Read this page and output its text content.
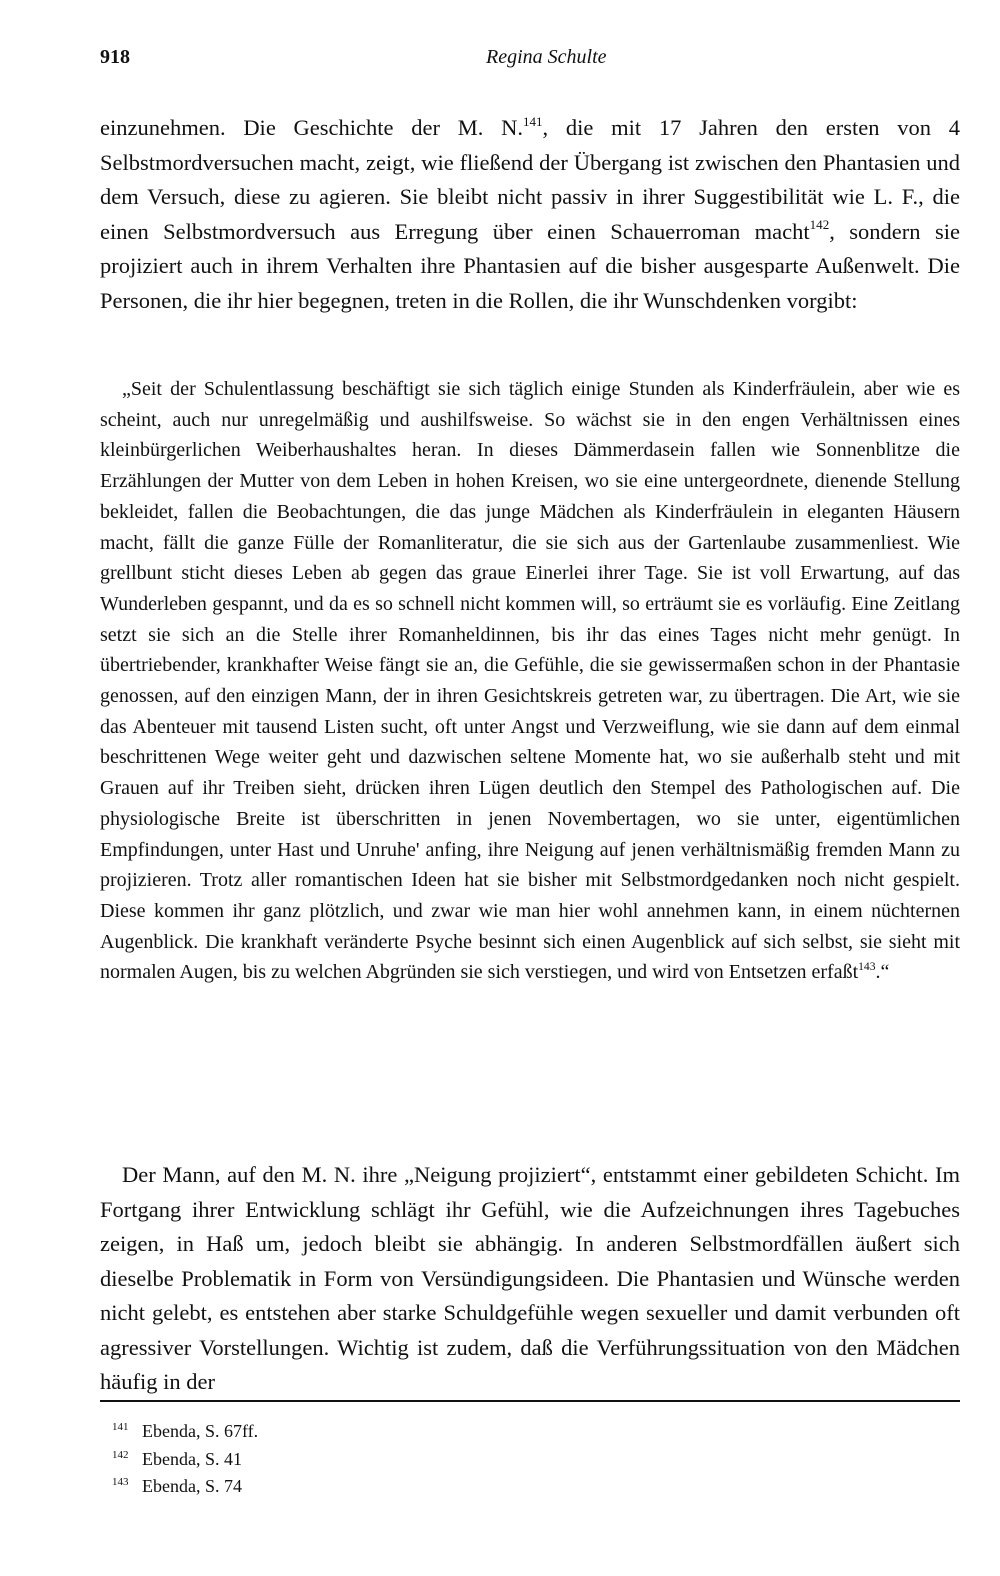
918	Regina Schulte

einzunehmen. Die Geschichte der M. N.$^{141}$, die mit 17 Jahren den ersten von 4 Selbstmordversuchen macht, zeigt, wie fließend der Übergang ist zwischen den Phantasien und dem Versuch, diese zu agieren. Sie bleibt nicht passiv in ihrer Suggestibilität wie L. F., die einen Selbstmordversuch aus Erregung über einen Schauerroman macht$^{142}$, sondern sie projiziert auch in ihrem Verhalten ihre Phantasien auf die bisher ausgesparte Außenwelt. Die Personen, die ihr hier begegnen, treten in die Rollen, die ihr Wunschdenken vorgibt:

„Seit der Schulentlassung beschäftigt sie sich täglich einige Stunden als Kinderfräulein, aber wie es scheint, auch nur unregelmäßig und aushilfsweise. So wächst sie in den engen Verhältnissen eines kleinbürgerlichen Weiberhaushaltes heran. In dieses Dämmerdasein fallen wie Sonnenblitze die Erzählungen der Mutter von dem Leben in hohen Kreisen, wo sie eine untergeordnete, dienende Stellung bekleidet, fallen die Beobachtungen, die das junge Mädchen als Kinderfräulein in eleganten Häusern macht, fällt die ganze Fülle der Romanliteratur, die sie sich aus der Gartenlaube zusammenliest. Wie grellbunt sticht dieses Leben ab gegen das graue Einerlei ihrer Tage. Sie ist voll Erwartung, auf das Wunderleben gespannt, und da es so schnell nicht kommen will, so erträumt sie es vorläufig. Eine Zeitlang setzt sie sich an die Stelle ihrer Romanheldinnen, bis ihr das eines Tages nicht mehr genügt. In übertriebender, krankhafter Weise fängt sie an, die Gefühle, die sie gewissermaßen schon in der Phantasie genossen, auf den einzigen Mann, der in ihren Gesichtskreis getreten war, zu übertragen. Die Art, wie sie das Abenteuer mit tausend Listen sucht, oft unter Angst und Verzweiflung, wie sie dann auf dem einmal beschrittenen Wege weiter geht und dazwischen seltene Momente hat, wo sie außerhalb steht und mit Grauen auf ihr Treiben sieht, drücken ihren Lügen deutlich den Stempel des Pathologischen auf. Die physiologische Breite ist überschritten in jenen Novembertagen, wo sie unter, eigentümlichen Empfindungen, unter Hast und Unruhe' anfing, ihre Neigung auf jenen verhältnismäßig fremden Mann zu projizieren. Trotz aller romantischen Ideen hat sie bisher mit Selbstmordgedanken noch nicht gespielt. Diese kommen ihr ganz plötzlich, und zwar wie man hier wohl annehmen kann, in einem nüchternen Augenblick. Die krankhaft veränderte Psyche besinnt sich einen Augenblick auf sich selbst, sie sieht mit normalen Augen, bis zu welchen Abgründen sie sich verstiegen, und wird von Entsetzen erfaßt$^{143}$.“

Der Mann, auf den M. N. ihre „Neigung projiziert“, entstammt einer gebildeten Schicht. Im Fortgang ihrer Entwicklung schlägt ihr Gefühl, wie die Aufzeichnungen ihres Tagebuches zeigen, in Haß um, jedoch bleibt sie abhängig. In anderen Selbstmordfällen äußert sich dieselbe Problematik in Form von Versündigungsideen. Die Phantasien und Wünsche werden nicht gelebt, es entstehen aber starke Schuldgefühle wegen sexueller und damit verbunden oft agressiver Vorstellungen. Wichtig ist zudem, daß die Verführungssituation von den Mädchen häufig in der

141 Ebenda, S. 67ff.
142 Ebenda, S. 41
143 Ebenda, S. 74
